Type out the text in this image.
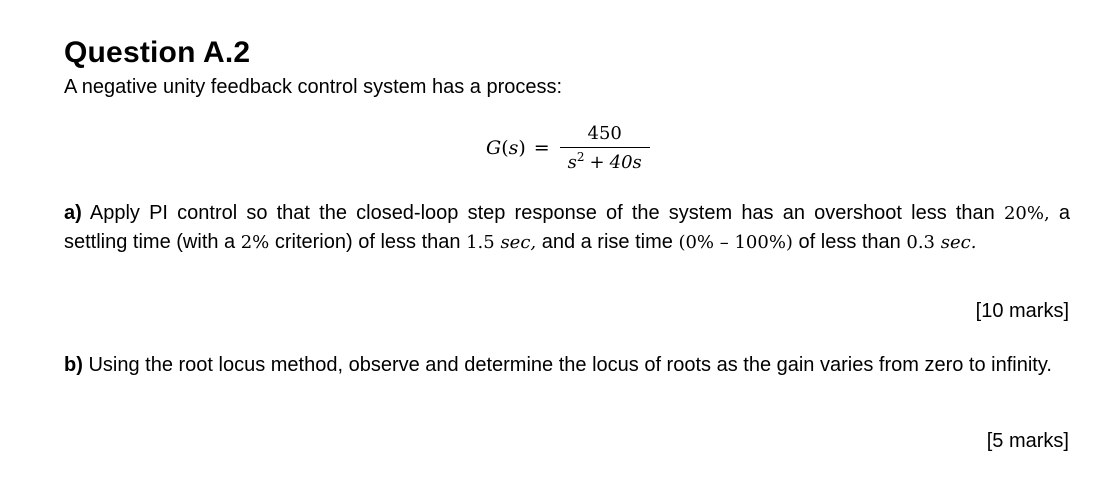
Question A.2
A negative unity feedback control system has a process:
$G(s) = \frac{450}{s^2 + 40s}$
a) Apply PI control so that the closed-loop step response of the system has an overshoot less than 20%, a settling time (with a 2% criterion) of less than 1.5 sec, and a rise time (0% – 100%) of less than 0.3 sec.
[10 marks]
b) Using the root locus method, observe and determine the locus of roots as the gain varies from zero to infinity.
[5 marks]
